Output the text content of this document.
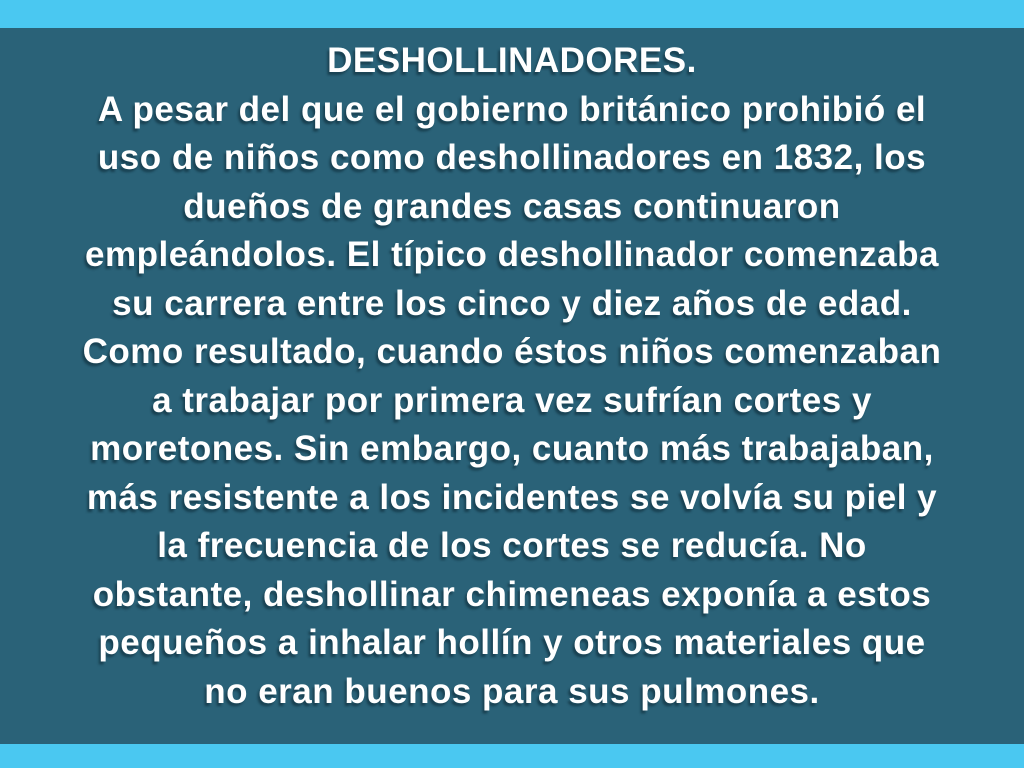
DESHOLLINADORES.
A pesar del que el gobierno británico prohibió el
uso de niños como deshollinadores en 1832, los
dueños de grandes casas continuaron
empleándolos. El típico deshollinador comenzaba
su carrera entre los cinco y diez años de edad.
Como resultado, cuando éstos niños comenzaban
a trabajar por primera vez sufrían cortes y
moretones. Sin embargo, cuanto más trabajaban,
más resistente a los incidentes se volvía su piel y
la frecuencia de los cortes se reducía. No
obstante, deshollinar chimeneas exponía a estos
pequeños a inhalar hollín y otros materiales que
no eran buenos para sus pulmones.
